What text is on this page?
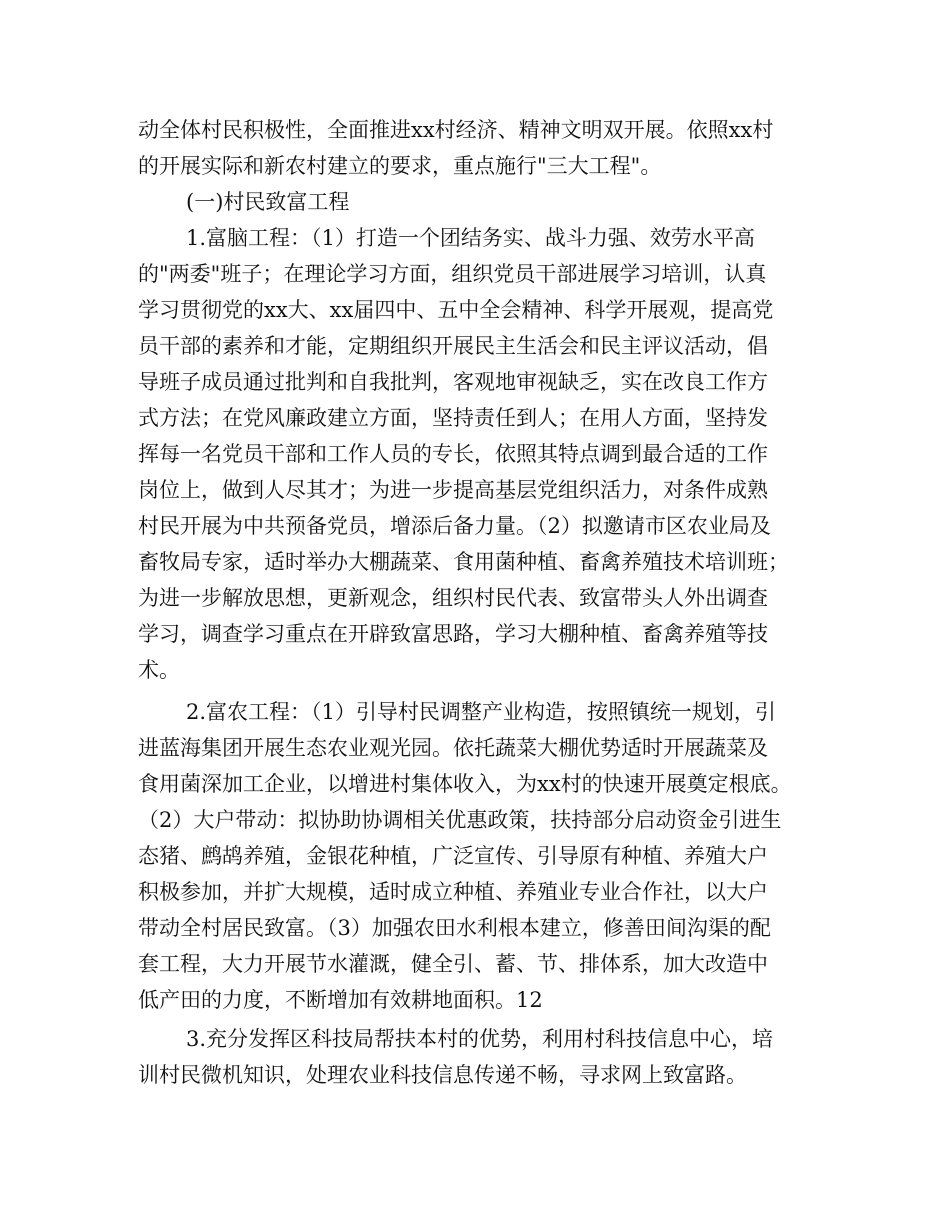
动全体村民积极性，全面推进xx村经济、精神文明双开展。依照xx村
的开展实际和新农村建立的要求，重点施行"三大工程"。
(一)村民致富工程
1.富脑工程：（1）打造一个团结务实、战斗力强、效劳水平高
的"两委"班子；在理论学习方面，组织党员干部进展学习培训，认真
学习贯彻党的xx大、xx届四中、五中全会精神、科学开展观，提高党
员干部的素养和才能，定期组织开展民主生活会和民主评议活动，倡
导班子成员通过批判和自我批判，客观地审视缺乏，实在改良工作方
式方法；在党风廉政建立方面，坚持责任到人；在用人方面，坚持发
挥每一名党员干部和工作人员的专长，依照其特点调到最合适的工作
岗位上，做到人尽其才；为进一步提高基层党组织活力，对条件成熟
村民开展为中共预备党员，增添后备力量。（2）拟邀请市区农业局及
畜牧局专家，适时举办大棚蔬菜、食用菌种植、畜禽养殖技术培训班；
为进一步解放思想，更新观念，组织村民代表、致富带头人外出调查
学习，调查学习重点在开辟致富思路，学习大棚种植、畜禽养殖等技
术。
2.富农工程：（1）引导村民调整产业构造，按照镇统一规划，引
进蓝海集团开展生态农业观光园。依托蔬菜大棚优势适时开展蔬菜及
食用菌深加工企业，以增进村集体收入，为xx村的快速开展奠定根底。
（2）大户带动：拟协助协调相关优惠政策，扶持部分启动资金引进生
态猪、鹧鸪养殖，金银花种植，广泛宣传、引导原有种植、养殖大户
积极参加，并扩大规模，适时成立种植、养殖业专业合作社，以大户
带动全村居民致富。（3）加强农田水利根本建立，修善田间沟渠的配
套工程，大力开展节水灌溉，健全引、蓄、节、排体系，加大改造中
低产田的力度，不断增加有效耕地面积。12
3.充分发挥区科技局帮扶本村的优势，利用村科技信息中心，培
训村民微机知识，处理农业科技信息传递不畅，寻求网上致富路。
